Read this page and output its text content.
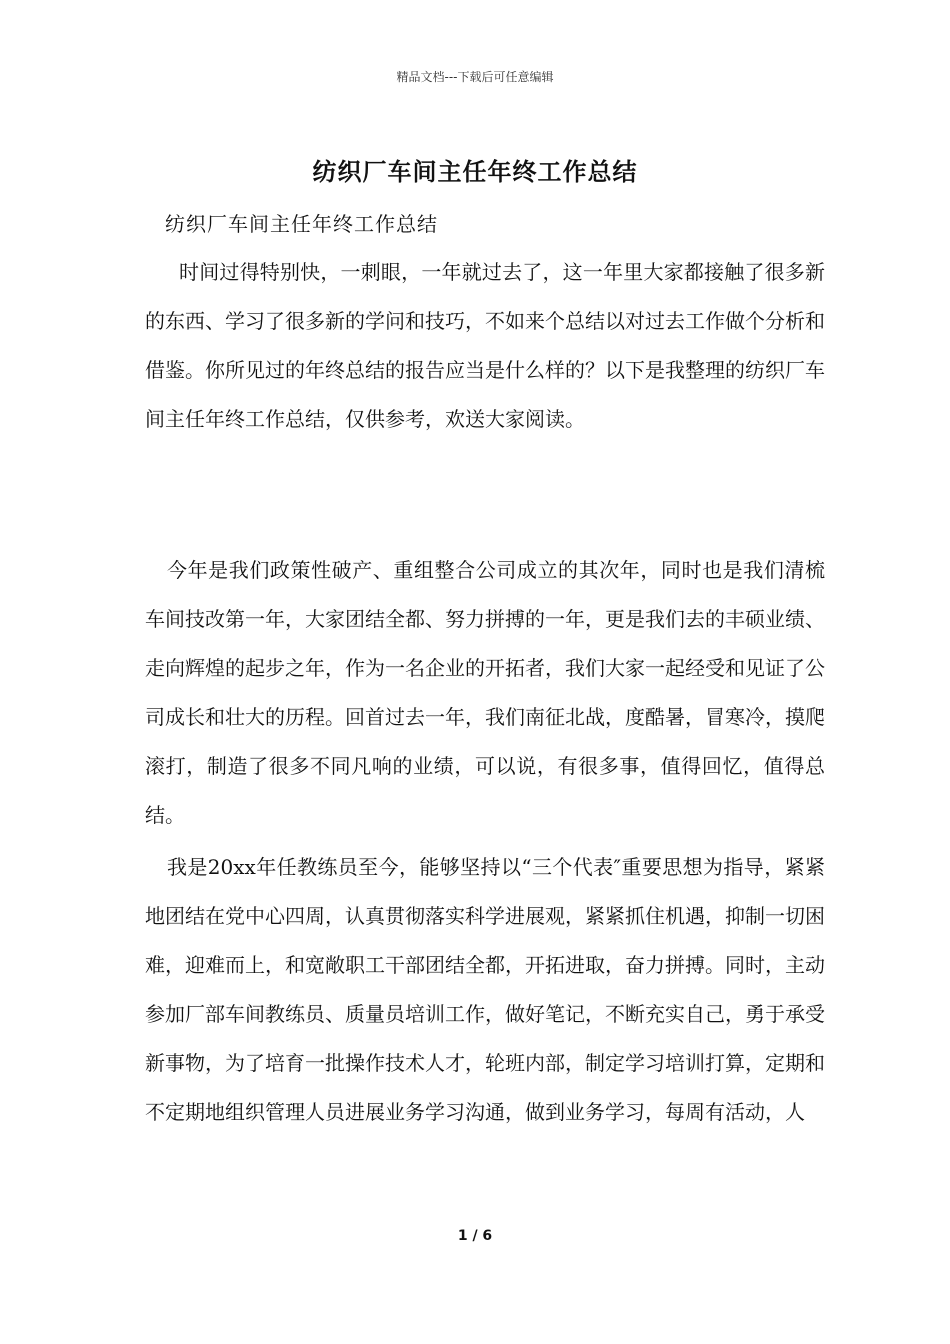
精品文档---下载后可任意编辑
纺织厂车间主任年终工作总结
纺织厂车间主任年终工作总结

时间过得特别快，一刺眼，一年就过去了，这一年里大家都接触了很多新的东西、学习了很多新的学问和技巧，不如来个总结以对过去工作做个分析和借鉴。你所见过的年终总结的报告应当是什么样的？以下是我整理的纺织厂车间主任年终工作总结，仅供参考，欢送大家阅读。

今年是我们政策性破产、重组整合公司成立的其次年，同时也是我们清梳车间技改第一年，大家团结全都、努力拼搏的一年，更是我们去的丰硕业绩、走向辉煌的起步之年，作为一名企业的开拓者，我们大家一起经受和见证了公司成长和壮大的历程。回首过去一年，我们南征北战，度酷暑，冒寒冷，摸爬滚打，制造了很多不同凡响的业绩，可以说，有很多事，值得回忆，值得总结。

我是20xx年任教练员至今，能够坚持以“三个代表″重要思想为指导，紧紧地团结在党中心四周，认真贯彻落实科学进展观，紧紧抓住机遇，抑制一切困难，迎难而上，和宽敞职工干部团结全都，开拓进取，奋力拼搏。同时，主动参加厂部车间教练员、质量员培训工作，做好笔记，不断充实自己，勇于承受新事物，为了培育一批操作技术人才，轮班内部，制定学习培训打算，定期和不定期地组织管理人员进展业务学习沟通，做到业务学习，每周有活动，人

1 / 6
